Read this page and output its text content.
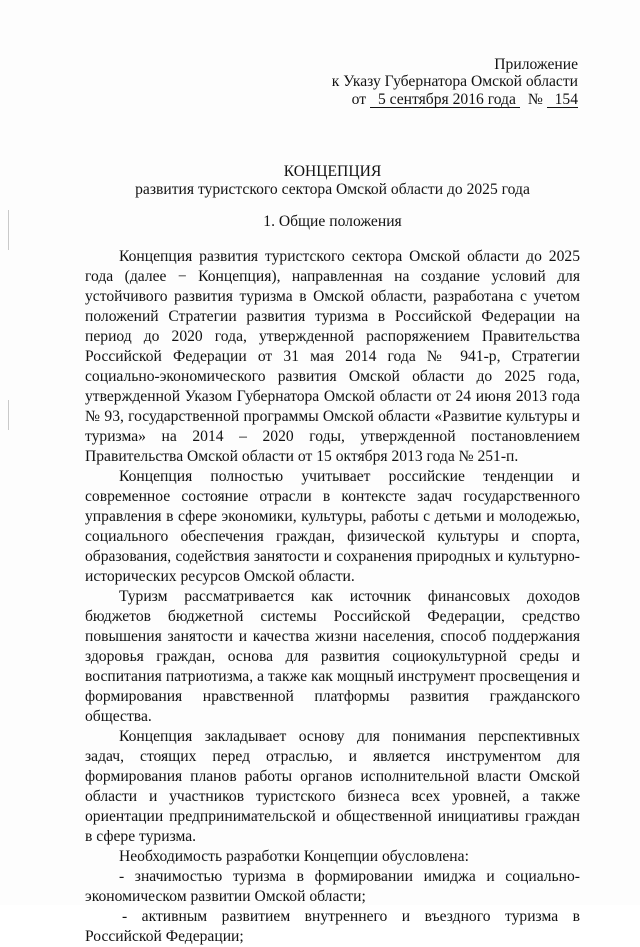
Приложение
к Указу Губернатора Омской области
от 5 сентября 2016 года № 154
КОНЦЕПЦИЯ
развития туристского сектора Омской области до 2025 года
1. Общие положения

Концепция развития туристского сектора Омской области до 2025 года (далее − Концепция), направленная на создание условий для устойчивого развития туризма в Омской области, разработана с учетом положений Стратегии развития туризма в Российской Федерации на период до 2020 года, утвержденной распоряжением Правительства Российской Федерации от 31 мая 2014 года № 941-р, Стратегии социально-экономического развития Омской области до 2025 года, утвержденной Указом Губернатора Омской области от 24 июня 2013 года № 93, государственной программы Омской области «Развитие культуры и туризма» на 2014 – 2020 годы, утвержденной постановлением Правительства Омской области от 15 октября 2013 года № 251-п.

Концепция полностью учитывает российские тенденции и современное состояние отрасли в контексте задач государственного управления в сфере экономики, культуры, работы с детьми и молодежью, социального обеспечения граждан, физической культуры и спорта, образования, содействия занятости и сохранения природных и культурно-исторических ресурсов Омской области.

Туризм рассматривается как источник финансовых доходов бюджетов бюджетной системы Российской Федерации, средство повышения занятости и качества жизни населения, способ поддержания здоровья граждан, основа для развития социокультурной среды и воспитания патриотизма, а также как мощный инструмент просвещения и формирования нравственной платформы развития гражданского общества.

Концепция закладывает основу для понимания перспективных задач, стоящих перед отраслью, и является инструментом для формирования планов работы органов исполнительной власти Омской области и участников туристского бизнеса всех уровней, а также ориентации предпринимательской и общественной инициативы граждан в сфере туризма.

Необходимость разработки Концепции обусловлена:

- значимостью туризма в формировании имиджа и социально-экономическом развитии Омской области;

- активным развитием внутреннего и въездного туризма в Российской Федерации;
